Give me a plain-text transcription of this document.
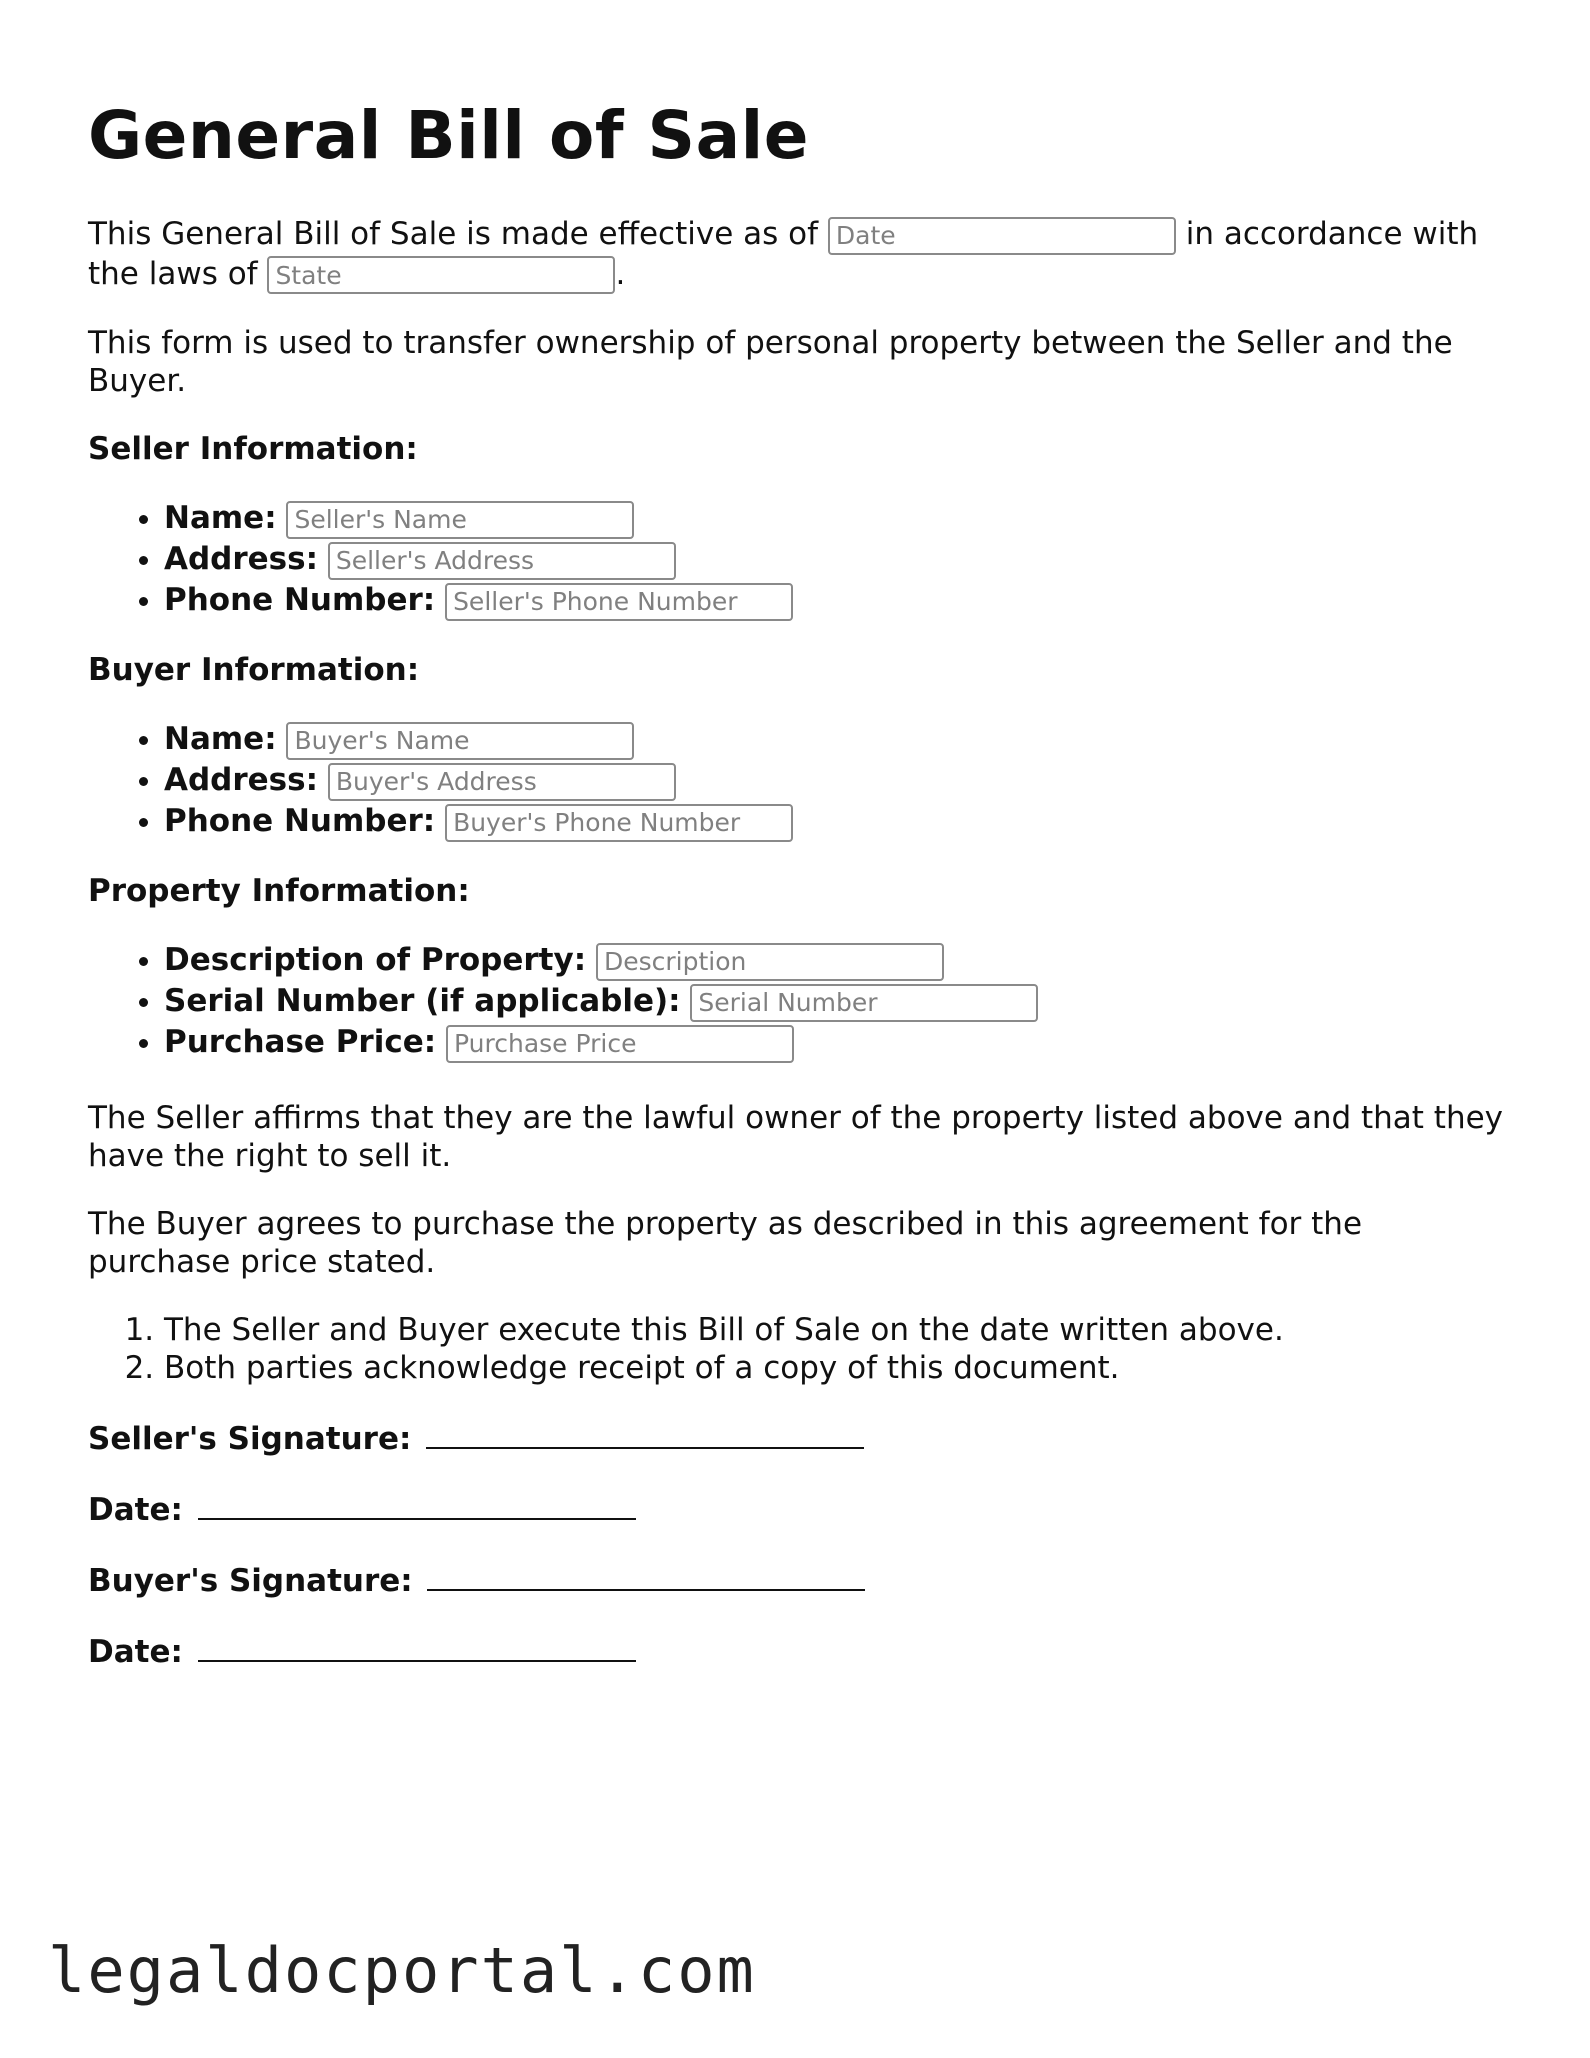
General Bill of Sale

This General Bill of Sale is made effective as of Date	in accordance with the laws of State	.

This form is used to transfer ownership of personal property between the Seller and the Buyer.

Seller Information:
• Name: Seller's Name
• Address: Seller's Address
• Phone Number: Seller's Phone Number
Buyer Information:
• Name: Buyer's Name
• Address: Buyer's Address
• Phone Number: Buyer's Phone Number
Property Information:
• Description of Property: Description
• Serial Number (if applicable): Serial Number
• Purchase Price: Purchase Price

The Seller affirms that they are the lawful owner of the property listed above and that they have the right to sell it.

The Buyer agrees to purchase the property as described in this agreement for the purchase price stated.

1. The Seller and Buyer execute this Bill of Sale on the date written above.
2. Both parties acknowledge receipt of a copy of this document.
Seller's Signature:
Date:
Buyer's Signature:
Date:
legaldocportal.com
